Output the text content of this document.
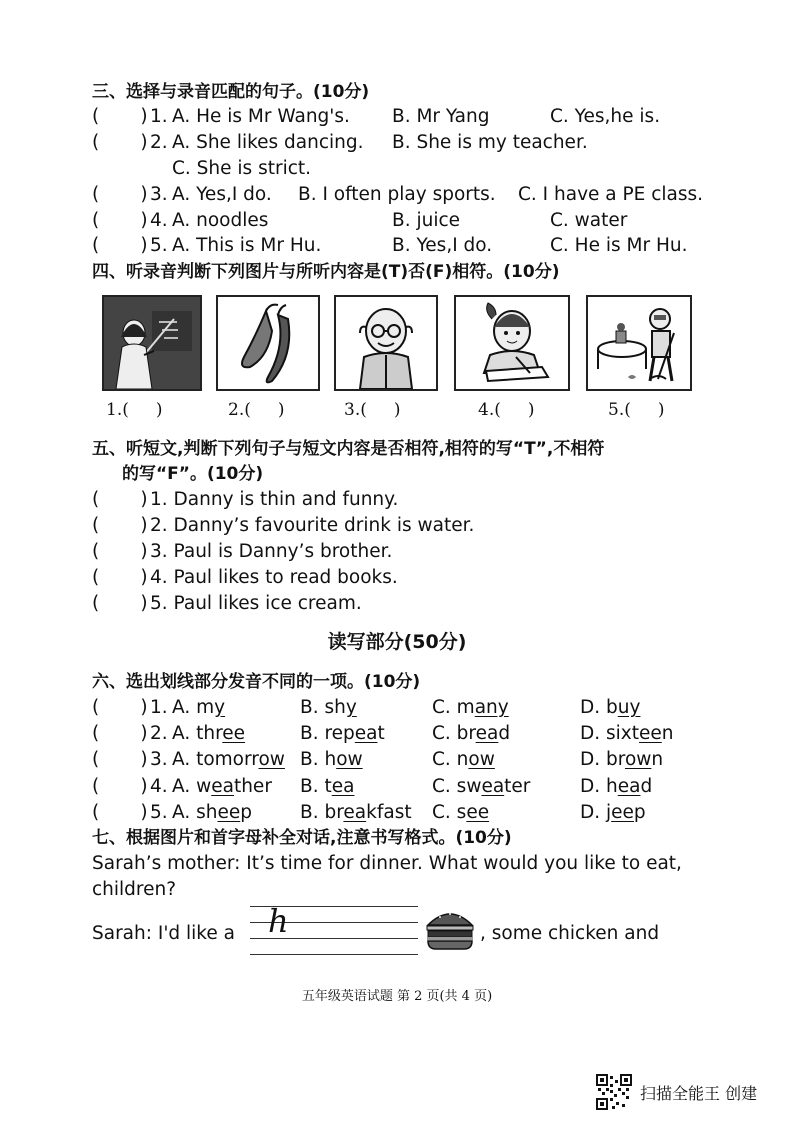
三、选择与录音匹配的句子。(10分)
(       ) 1. A. He is Mr Wang's. B. Mr Yang	C. Yes,he is.
(       ) 2. A. She likes dancing. B. She is my teacher.
C. She is strict.
(       ) 3. A. Yes,I do. B. I often play sports. C. I have a PE class.
(       ) 4. A. noodles	B. juice	C. water
(       ) 5. A. This is Mr Hu.	B. Yes,I do.	C. He is Mr Hu.
四、听录音判断下列图片与所听内容是(T)否(F)相符。(10分)
1.(     )	2.(     )	3.(     )	4.(     )	5.(     )
五、听短文,判断下列句子与短文内容是否相符,相符的写“T”,不相符
的写“F”。(10分)
(       ) 1. Danny is thin and funny.
(       ) 2. Danny’s favourite drink is water.
(       ) 3. Paul is Danny’s brother.
(       ) 4. Paul likes to read books.
(       ) 5. Paul likes ice cream.
读写部分(50分)
六、选出划线部分发音不同的一项。(10分)
(       ) 1. A. my	B. shy	C. many	D. buy
(       ) 2. A. three	B. repeat	C. bread	D. sixteen
(       ) 3. A. tomorrow B. how	C. now	D. brown
(       ) 4. A. weather B. tea	C. sweater	D. head
(       ) 5. A. sheep	B. breakfast C. see	D. jeep
七、根据图片和首字母补全对话,注意书写格式。(10分)
Sarah’s mother: It’s time for dinner. What would you like to eat,
children?
Sarah: I'd like a h	, some chicken and
五年级英语试题 第 2 页(共 4 页)
扫描全能王 创建
